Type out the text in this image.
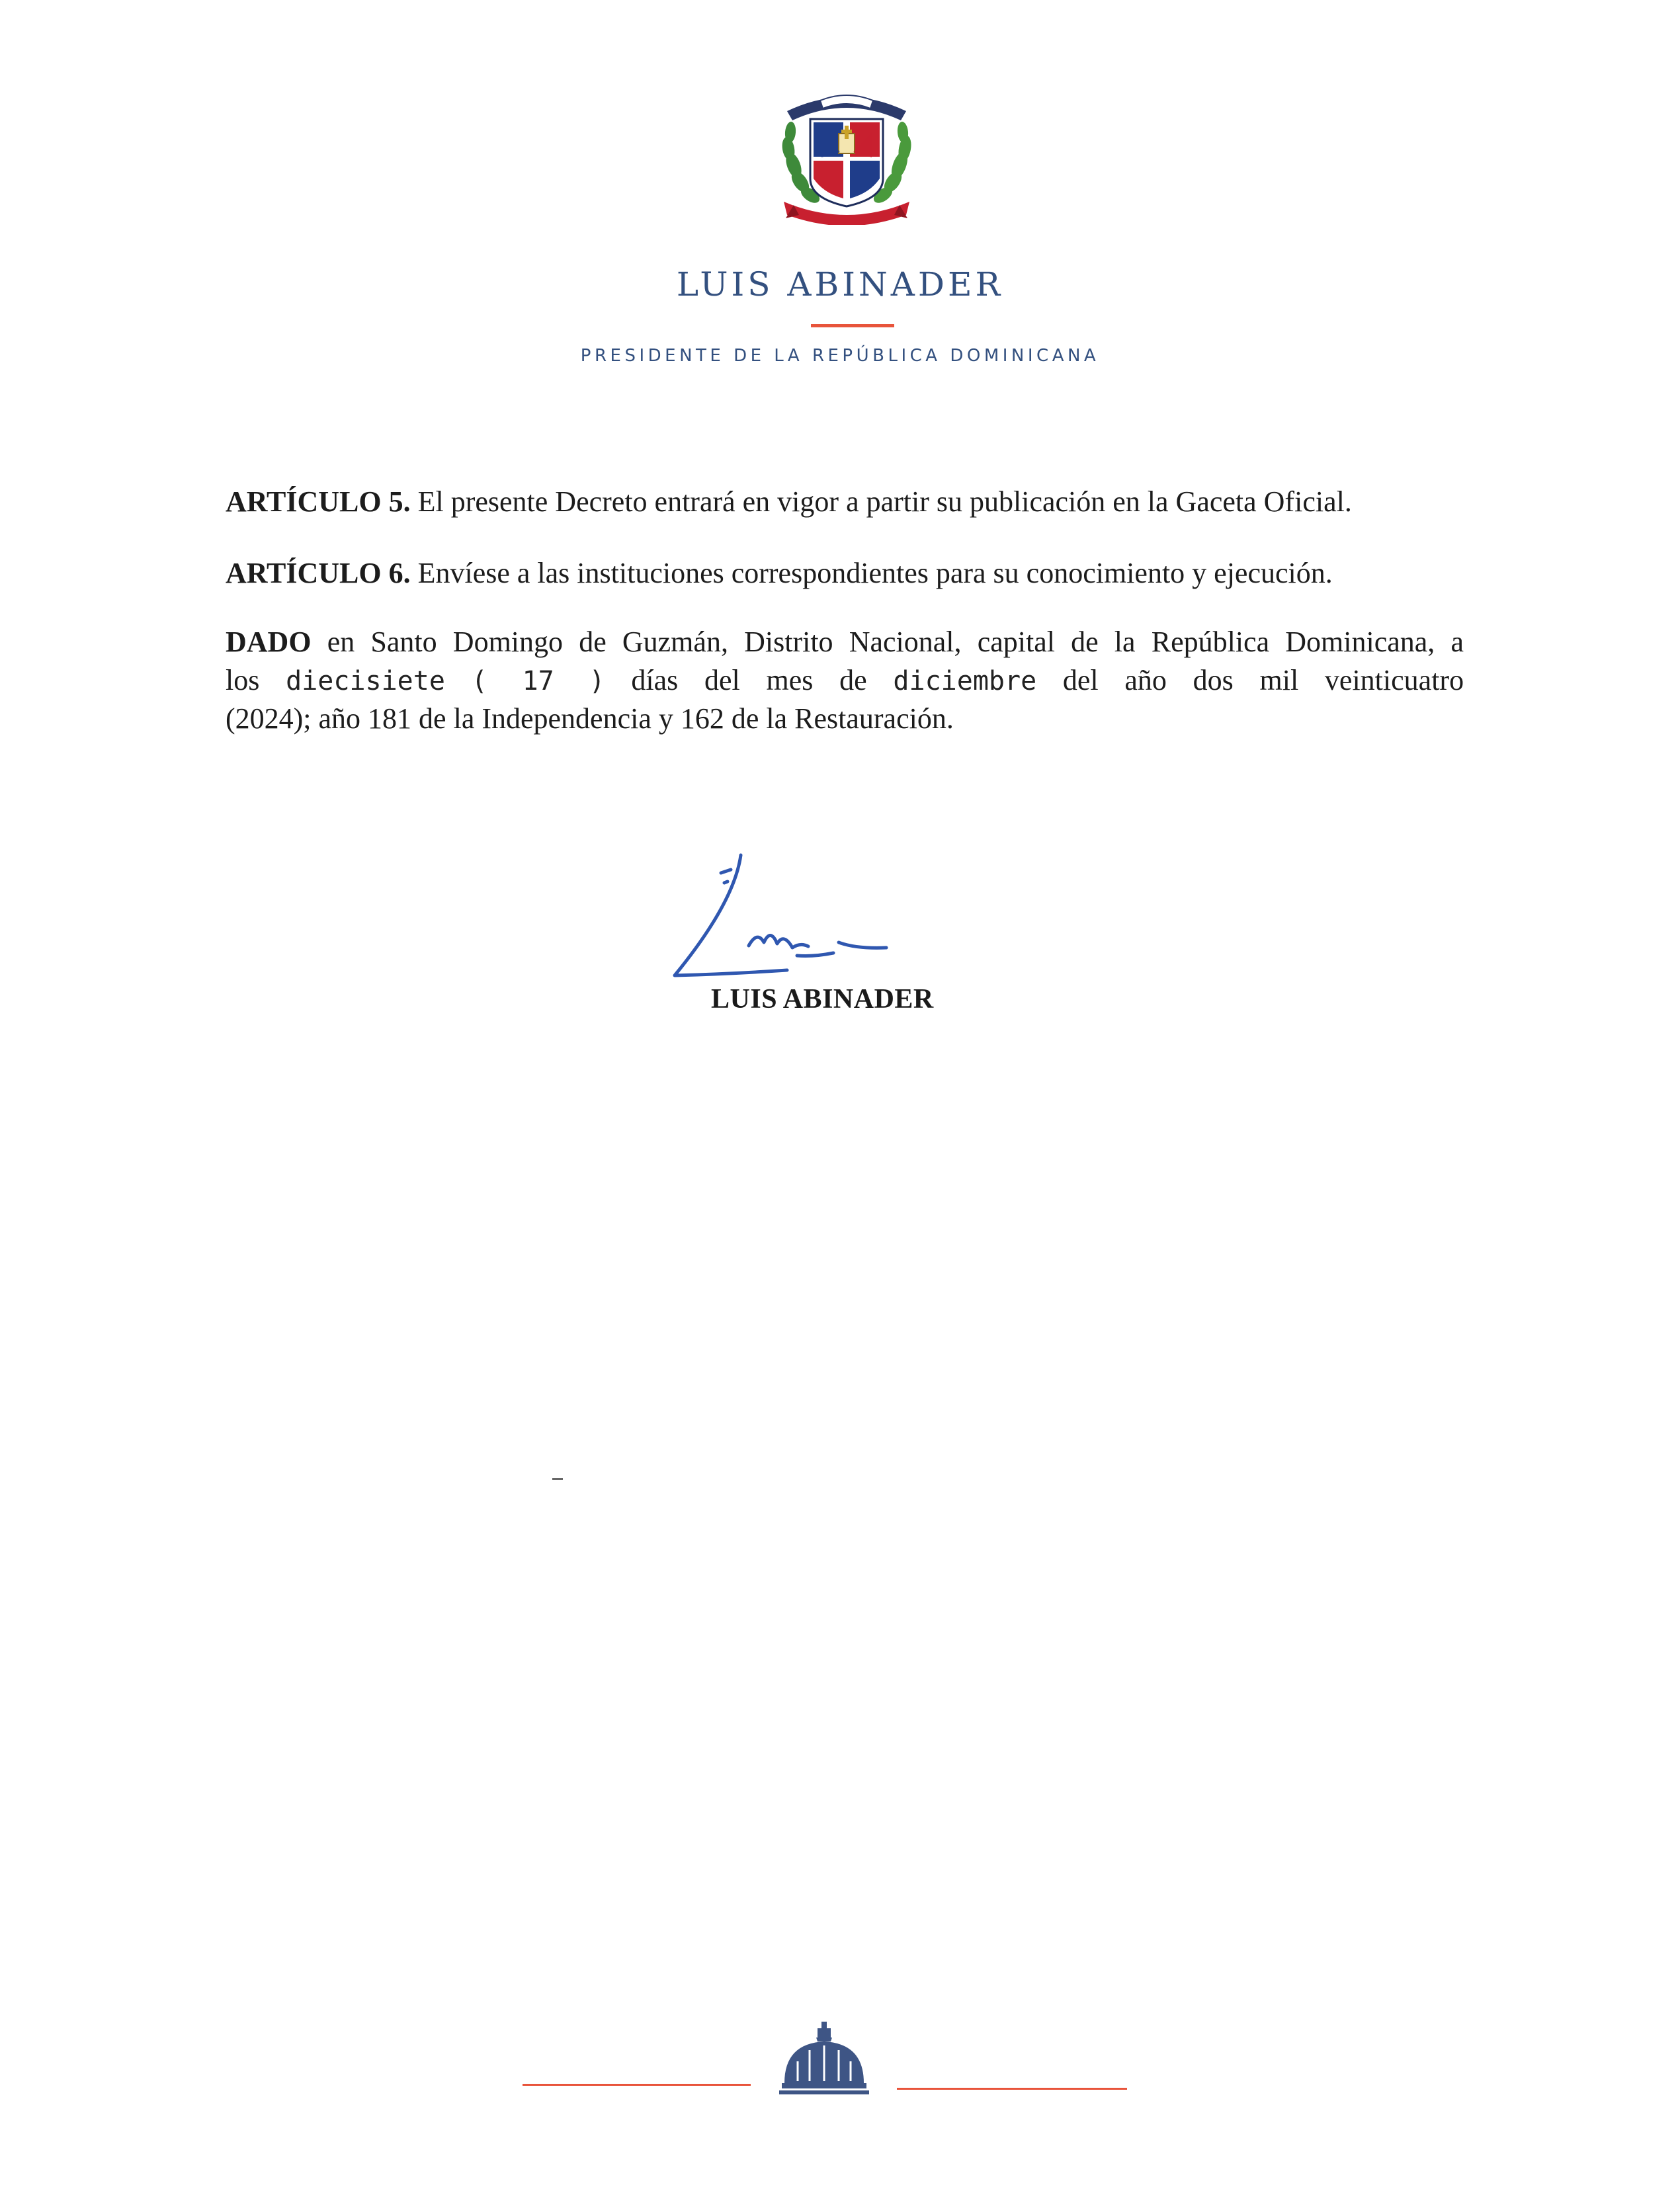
LUIS ABINADER
PRESIDENTE DE LA REPÚBLICA DOMINICANA
ARTÍCULO 5. El presente Decreto entrará en vigor a partir su publicación en la Gaceta Oficial.
ARTÍCULO 6. Envíese a las instituciones correspondientes para su conocimiento y ejecución.
DADO en Santo Domingo de Guzmán, Distrito Nacional, capital de la República Dominicana, a
los diecisiete ( 17 ) días del mes de diciembre del año dos mil veinticuatro
(2024); año 181 de la Independencia y 162 de la Restauración.
LUIS ABINADER
